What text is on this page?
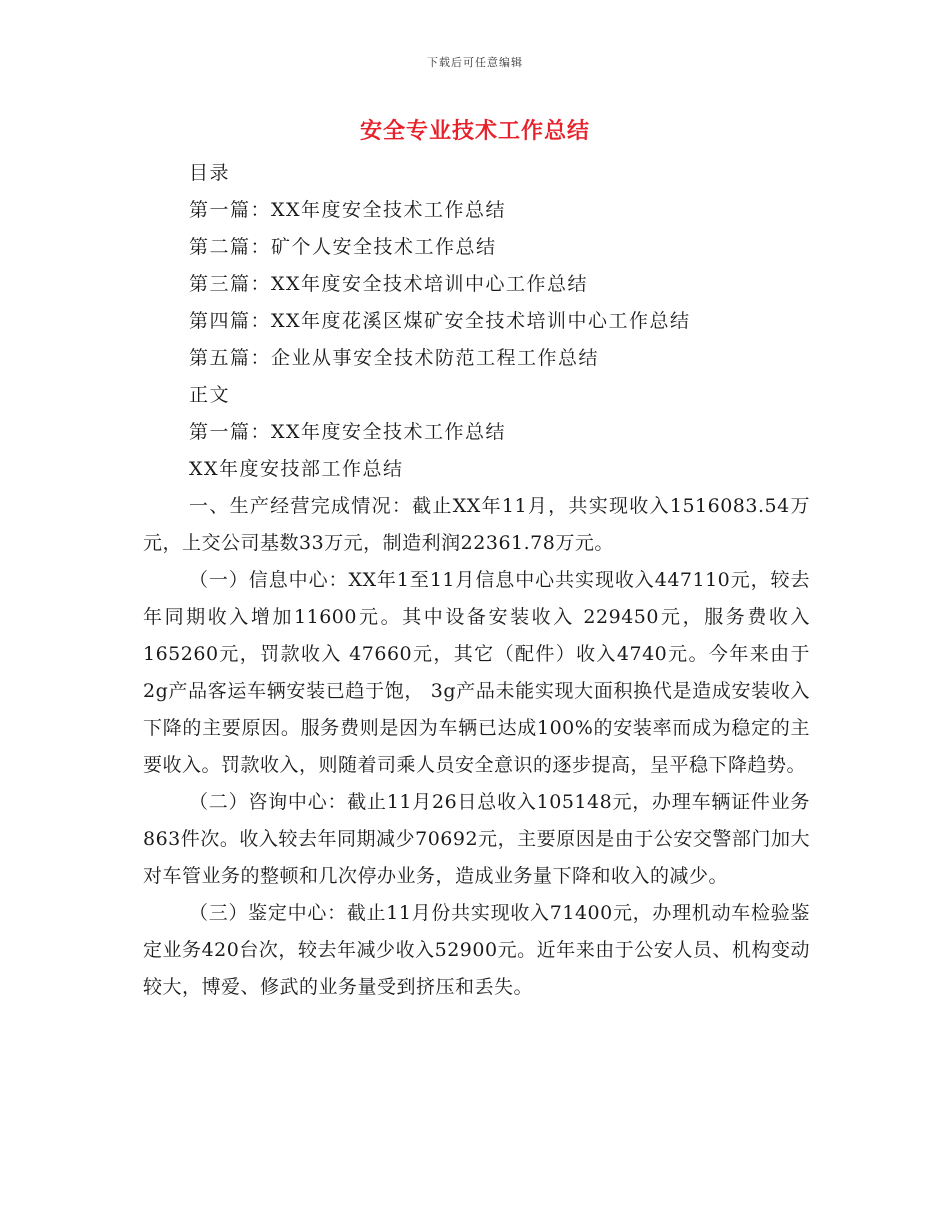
下载后可任意编辑
安全专业技术工作总结
目录
第一篇：XX年度安全技术工作总结
第二篇：矿个人安全技术工作总结
第三篇：XX年度安全技术培训中心工作总结
第四篇：XX年度花溪区煤矿安全技术培训中心工作总结
第五篇：企业从事安全技术防范工程工作总结
正文
第一篇：XX年度安全技术工作总结
XX年度安技部工作总结

一、生产经营完成情况：截止XX年11月，共实现收入1516083.54万元，上交公司基数33万元，制造利润22361.78万元。

（一）信息中心：XX年1至11月信息中心共实现收入447110元，较去年同期收入增加11600元。其中设备安装收入 229450元，服务费收入165260元，罚款收入 47660元，其它（配件）收入4740元。今年来由于2g产品客运车辆安装已趋于饱， 3g产品未能实现大面积换代是造成安装收入下降的主要原因。服务费则是因为车辆已达成100%的安装率而成为稳定的主要收入。罚款收入，则随着司乘人员安全意识的逐步提高，呈平稳下降趋势。

（二）咨询中心：截止11月26日总收入105148元，办理车辆证件业务863件次。收入较去年同期减少70692元，主要原因是由于公安交警部门加大对车管业务的整顿和几次停办业务，造成业务量下降和收入的减少。

（三）鉴定中心：截止11月份共实现收入71400元，办理机动车检验鉴定业务420台次，较去年减少收入52900元。近年来由于公安人员、机构变动较大，博爱、修武的业务量受到挤压和丢失。
